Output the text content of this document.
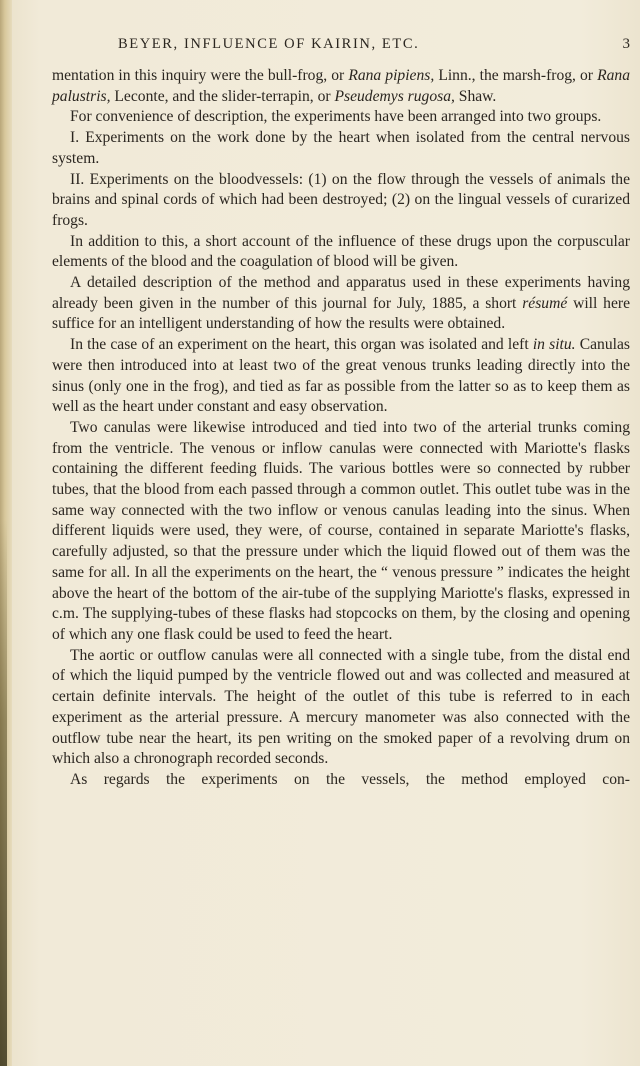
BEYER, INFLUENCE OF KAIRIN, ETC.	3

mentation in this inquiry were the bull-frog, or Rana pipiens, Linn., the marsh-frog, or Rana palustris, Leconte, and the slider-terrapin, or Pseudemys rugosa, Shaw.

For convenience of description, the experiments have been arranged into two groups.

I. Experiments on the work done by the heart when isolated from the central nervous system.

II. Experiments on the bloodvessels: (1) on the flow through the vessels of animals the brains and spinal cords of which had been destroyed; (2) on the lingual vessels of curarized frogs.

In addition to this, a short account of the influence of these drugs upon the corpuscular elements of the blood and the coagulation of blood will be given.

A detailed description of the method and apparatus used in these experiments having already been given in the number of this journal for July, 1885, a short résumé will here suffice for an intelligent understanding of how the results were obtained.

In the case of an experiment on the heart, this organ was isolated and left in situ. Canulas were then introduced into at least two of the great venous trunks leading directly into the sinus (only one in the frog), and tied as far as possible from the latter so as to keep them as well as the heart under constant and easy observation.

Two canulas were likewise introduced and tied into two of the arterial trunks coming from the ventricle. The venous or inflow canulas were connected with Mariotte's flasks containing the different feeding fluids. The various bottles were so connected by rubber tubes, that the blood from each passed through a common outlet. This outlet tube was in the same way connected with the two inflow or venous canulas leading into the sinus. When different liquids were used, they were, of course, contained in separate Mariotte's flasks, carefully adjusted, so that the pressure under which the liquid flowed out of them was the same for all. In all the experiments on the heart, the “ venous pressure ” indicates the height above the heart of the bottom of the air-tube of the supplying Mariotte's flasks, expressed in c.m. The supplying-tubes of these flasks had stopcocks on them, by the closing and opening of which any one flask could be used to feed the heart.

The aortic or outflow canulas were all connected with a single tube, from the distal end of which the liquid pumped by the ventricle flowed out and was collected and measured at certain definite intervals. The height of the outlet of this tube is referred to in each experiment as the arterial pressure. A mercury manometer was also connected with the outflow tube near the heart, its pen writing on the smoked paper of a revolving drum on which also a chronograph recorded seconds.

As regards the experiments on the vessels, the method employed con-
